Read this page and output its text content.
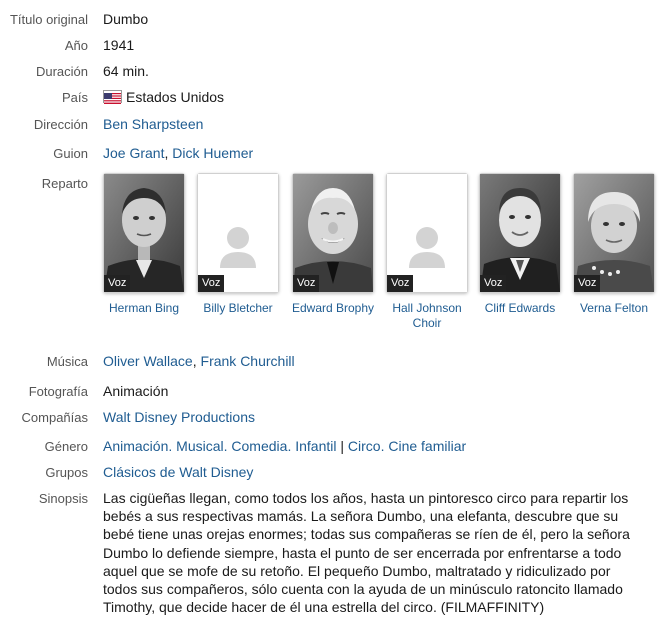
Título original Dumbo
Año 1941
Duración 64 min.
País	Estados Unidos
Dirección Ben Sharpsteen
Guion Joe Grant, Dick Huemer
Reparto
Voz
Herman Bing
Voz
Billy Bletcher
Voz
Edward Brophy
Voz
Hall Johnson Choir
Voz
Cliff Edwards
Voz
Verna Felton
Música Oliver Wallace, Frank Churchill
Fotografía Animación
Compañías Walt Disney Productions
Género Animación. Musical. Comedia. Infantil | Circo. Cine familiar
Grupos Clásicos de Walt Disney
Sinopsis Las cigüeñas llegan, como todos los años, hasta un pintoresco circo para repartir los bebés a sus respectivas mamás. La señora Dumbo, una elefanta, descubre que su bebé tiene unas orejas enormes; todas sus compañeras se ríen de él, pero la señora Dumbo lo defiende siempre, hasta el punto de ser encerrada por enfrentarse a todo aquel que se mofe de su retoño. El pequeño Dumbo, maltratado y ridiculizado por todos sus compañeros, sólo cuenta con la ayuda de un minúsculo ratoncito llamado Timothy, que decide hacer de él una estrella del circo. (FILMAFFINITY)
